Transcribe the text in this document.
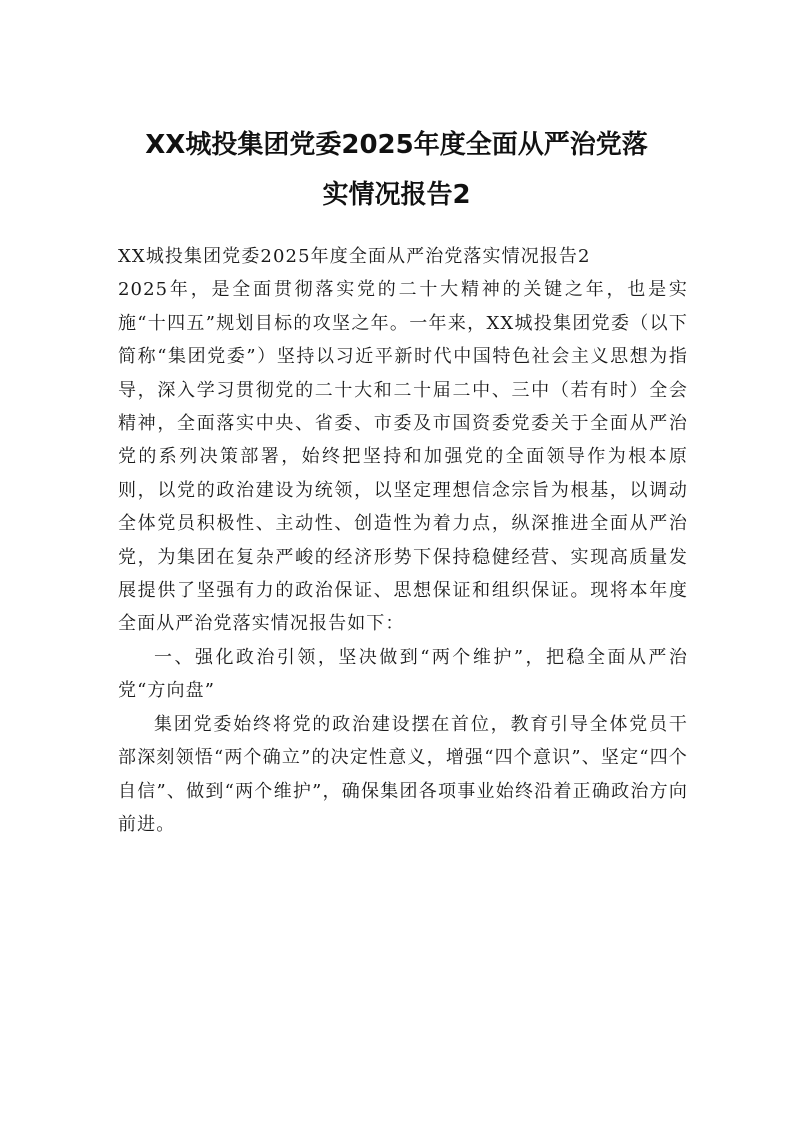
XX城投集团党委2025年度全面从严治党落
实情况报告2

XX城投集团党委2025年度全面从严治党落实情况报告2

2025年，是全面贯彻落实党的二十大精神的关键之年，也是实施“十四五”规划目标的攻坚之年。一年来，XX城投集团党委（以下简称“集团党委”）坚持以习近平新时代中国特色社会主义思想为指导，深入学习贯彻党的二十大和二十届二中、三中（若有时）全会精神，全面落实中央、省委、市委及市国资委党委关于全面从严治党的系列决策部署，始终把坚持和加强党的全面领导作为根本原则，以党的政治建设为统领，以坚定理想信念宗旨为根基，以调动全体党员积极性、主动性、创造性为着力点，纵深推进全面从严治党，为集团在复杂严峻的经济形势下保持稳健经营、实现高质量发展提供了坚强有力的政治保证、思想保证和组织保证。现将本年度全面从严治党落实情况报告如下：

一、强化政治引领，坚决做到“两个维护”，把稳全面从严治党“方向盘”

集团党委始终将党的政治建设摆在首位，教育引导全体党员干部深刻领悟“两个确立”的决定性意义，增强“四个意识”、坚定“四个自信”、做到“两个维护”，确保集团各项事业始终沿着正确政治方向前进。
